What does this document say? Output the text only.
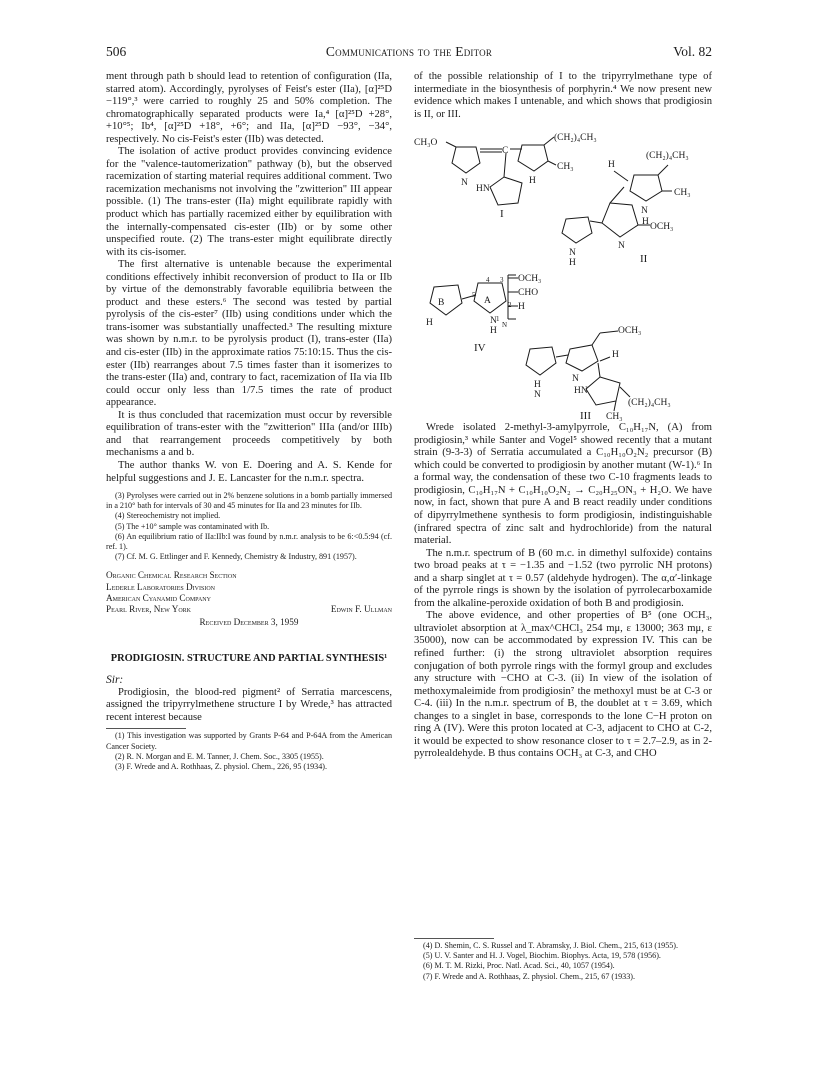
506	Communications to the Editor	Vol. 82

ment through path b should lead to retention of configuration (IIa, starred atom). Accordingly, pyrolyses of Feist's ester (IIa), [α]²⁵D −119°,³ were carried to roughly 25 and 50% completion. The chromatographically separated products were Ia,⁴ [α]²⁵D +28°, +10°⁵; Ib⁴, [α]²⁵D +18°, +6°; and IIa, [α]²⁵D −93°, −34°, respectively. No cis-Feist's ester (IIb) was detected.

The isolation of active product provides convincing evidence for the "valence-tautomerization" pathway (b), but the observed racemization of starting material requires additional comment. Two racemization mechanisms not involving the "zwitterion" III appear possible. (1) The trans-ester (IIa) might equilibrate rapidly with product which has partially racemized either by equilibration with the internally-compensated cis-ester (IIb) or by some other unspecified route. (2) The trans-ester might equilibrate directly with its cis-isomer.

The first alternative is untenable because the experimental conditions effectively inhibit reconversion of product to IIa or IIb by virtue of the demonstrably favorable equilibria between the product and these esters.⁶ The second was tested by partial pyrolysis of the cis-ester⁷ (IIb) using conditions under which the trans-isomer was substantially unaffected.³ The resulting mixture was shown by n.m.r. to be pyrolysis product (I), trans-ester (IIa) and cis-ester (IIb) in the approximate ratios 75:10:15. Thus the cis-ester (IIb) rearranges about 7.5 times faster than it isomerizes to the trans-ester (IIa) and, contrary to fact, racemization of IIa via IIb could occur only less than 1/7.5 times the rate of product appearance.

It is thus concluded that racemization must occur by reversible equilibration of trans-ester with the "zwitterion" IIIa (and/or IIIb) and that rearrangement proceeds competitively by both mechanisms a and b.

The author thanks W. von E. Doering and A. S. Kende for helpful suggestions and J. E. Lancaster for the n.m.r. spectra.

(3) Pyrolyses were carried out in 2% benzene solutions in a bomb partially immersed in a 210° bath for intervals of 30 and 45 minutes for IIa and 23 minutes for IIb.

(4) Stereochemistry not implied.

(5) The +10° sample was contaminated with Ib.

(6) An equilibrium ratio of IIa:IIb:I was found by n.m.r. analysis to be 6:<0.5:94 (cf. ref. 1).

(7) Cf. M. G. Ettlinger and F. Kennedy, Chemistry & Industry, 891 (1957).

Organic Chemical Research Section
Lederle Laboratories Division
American Cyanamid Company
Pearl River, New York	Edwin F. Ullman
Received December 3, 1959
PRODIGIOSIN. STRUCTURE AND PARTIAL SYNTHESIS¹
Sir:

Prodigiosin, the blood-red pigment² of Serratia marcescens, assigned the tripyrrylmethene structure I by Wrede,³ has attracted recent interest because

(1) This investigation was supported by Grants P-64 and P-64A from the American Cancer Society.

(2) R. N. Morgan and E. M. Tanner, J. Chem. Soc., 3305 (1955).

(3) F. Wrede and A. Rothhaas, Z. physiol. Chem., 226, 95 (1934).

of the possible relationship of I to the tripyrrylmethane type of intermediate in the biosynthesis of porphyrin.⁴ We now present new evidence which makes I untenable, and which shows that prodigiosin is II, or III.

CH₃O
N
C
(CH₂)₄CH₃
CH₃
H
HN
I
(CH₂)₄CH₃
CH₃
H
N
H OCH₃
N
N
H	II
B
H
A
4 3
5
1
2
N
H
OCH₃
CHO
H
N
IV
H
N
N
OCH₃
H
HN
(CH₂)₄CH₃
CH₃
III

Wrede isolated 2-methyl-3-amylpyrrole, C₁₀H₁₇N, (A) from prodigiosin,³ while Santer and Vogel⁵ showed recently that a mutant strain (9-3-3) of Serratia accumulated a C₁₀H₁₀O₂N₂ precursor (B) which could be converted to prodigiosin by another mutant (W-1).⁶ In a formal way, the condensation of these two C-10 fragments leads to prodigiosin, C₁₀H₁₇N + C₁₀H₁₀O₂N₂ → C₂₀H₂₅ON₃ + H₂O. We have now, in fact, shown that pure A and B react readily under conditions of dipyrrylmethene synthesis to form prodigiosin, indistinguishable (infrared spectra of zinc salt and hydrochloride) from the natural material.

The n.m.r. spectrum of B (60 m.c. in dimethyl sulfoxide) contains two broad peaks at τ = −1.35 and −1.52 (two pyrrolic NH protons) and a sharp singlet at τ = 0.57 (aldehyde hydrogen). The α,α′-linkage of the pyrrole rings is shown by the isolation of pyrrolecarboxamide from the alkaline-peroxide oxidation of both B and prodigiosin.

The above evidence, and other properties of B⁵ (one OCH₃, ultraviolet absorption at λ_max^CHCl₃ 254 mμ, ε 13000; 363 mμ, ε 35000), now can be accommodated by expression IV. This can be refined further: (i) the strong ultraviolet absorption requires conjugation of both pyrrole rings with the formyl group and excludes any structure with −CHO at C-3. (ii) In view of the isolation of methoxymaleimide from prodigiosin⁷ the methoxyl must be at C-3 or C-4. (iii) In the n.m.r. spectrum of B, the doublet at τ = 3.69, which changes to a singlet in base, corresponds to the lone C−H proton on ring A (IV). Were this proton located at C-3, adjacent to CHO at C-2, it would be expected to show resonance closer to τ = 2.7–2.9, as in 2-pyrrolealdehyde. B thus contains OCH₃ at C-3, and CHO

(4) D. Shemin, C. S. Russel and T. Abramsky, J. Biol. Chem., 215, 613 (1955).

(5) U. V. Santer and H. J. Vogel, Biochim. Biophys. Acta, 19, 578 (1956).

(6) M. T. M. Rizki, Proc. Natl. Acad. Sci., 40, 1057 (1954).

(7) F. Wrede and A. Rothhaas, Z. physiol. Chem., 215, 67 (1933).
